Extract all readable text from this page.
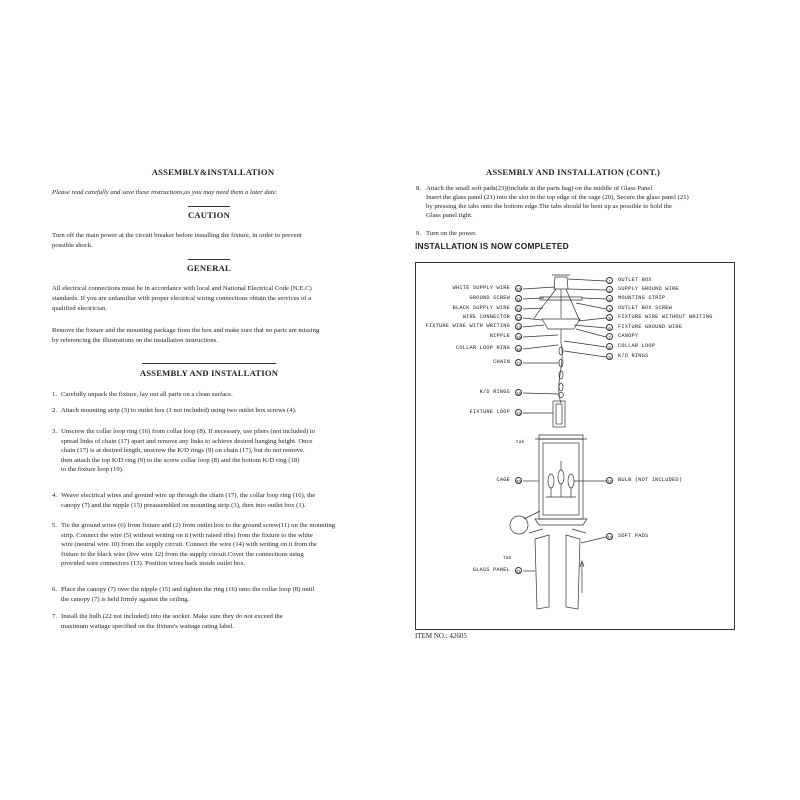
ASSEMBLY&INSTALLATION
Please read carefully and save these instructions,as you may need them a later date.
CAUTION
Turn off the main power at the circuit breaker before installing the fixture, in order to prevent
possible shock.
GENERAL
All electrical connections must be in accordance with local and National Electrical Code (N.E.C)
standards. If you are unfamiliar with proper electrical wiring connections obtain the services of a
qualified electrician.
Remove the fixture and the mounting package from the box and make sure that no parts are missing
by referencing the illustrations on the installation instructions.
ASSEMBLY AND INSTALLATION
1. Carefully unpack the fixture, lay out all parts on a clean surface.
2. Attach mounting strip (3) to outlet box (1 not included) using two outlet box screws (4).
3. Unscrew the collar loop ring (16) from collar loop (8). If necessary, use pliers (not included) to
spread links of chain (17) apart and remove any links to achieve desired hanging height. Once
chain (17) is at desired length, unscrew the K/D rings (9) on chain (17), but do not remove.
then attach the top K/D ring (9) to the screw collar loop (8) and the bottom K/D ring (18)
to the fixture loop (19).
4. Weave electrical wires and ground wire up through the chain (17), the collar loop ring (16), the
canopy (7) and the nipple (15) preassembled on mounting strip (3), then into outlet box (1).
5. Tie the ground wires (6) from fixture and (2) from outlet box to the ground screw(11) on the mounting
strip. Connect the wire (5) without writing on it (with raised ribs) from the fixture to the white
wire (neutral wire 10) from the supply circuit. Connect the wire (14) with writing on it from the
fixture to the black wire (live wire 12) from the supply circuit.Cover the connections using
provided wire connectors (13). Position wires back inside outlet box.
6. Place the canopy (7) over the nipple (15) and tighten the ring (16) onto the collar loop (8) until
the canopy (7) is held firmly against the ceiling.
7. Install the bulb (22 not included) into the socket. Make sure they do not exceed the
maximum wattage specified on the fixture's wattage rating label.
ASSEMBLY AND INSTALLATION (CONT.)
8. Attach the small soft pads(23)(include in the parts bag) on the middle of Glass Panel
Insert the glass panel (21) into the slot in the top edge of the cage (20), Secure the glass panel (21)
by pressing the tabs onto the bottom edge.The tabs should be bent up as possible to hold the
Glass panel tight.
9. Turn on the power.
INSTALLATION IS NOW COMPLETED
tab
Tab
WHITE SUPPLY WIRE 10
GROUND SCREW	11
BLACK SUPPLY WIRE 12
WIRE CONNECTOR 13
FIXTURE WIRE WITH WRITING 14
NIPPLE 15
COLLAR LOOP RING 16
CHAIN 17
K/D RINGS 18
FIXTURE LOOP 19
CAGE 20
GLASS PANEL 21
1	OUTLET BOX
2	SUPPLY GROUND WIRE
3	MOUNTING STRIP
4	OUTLET BOX SCREW
5	FIXTURE WIRE WITHOUT WRITING
6	FIXTURE GROUND WIRE
7	CANOPY
8	COLLAR LOOP
9	K/D RINGS
22 BULB (NOT INCLUDED)
23 SOFT PADS
ITEM NO.: 42605
